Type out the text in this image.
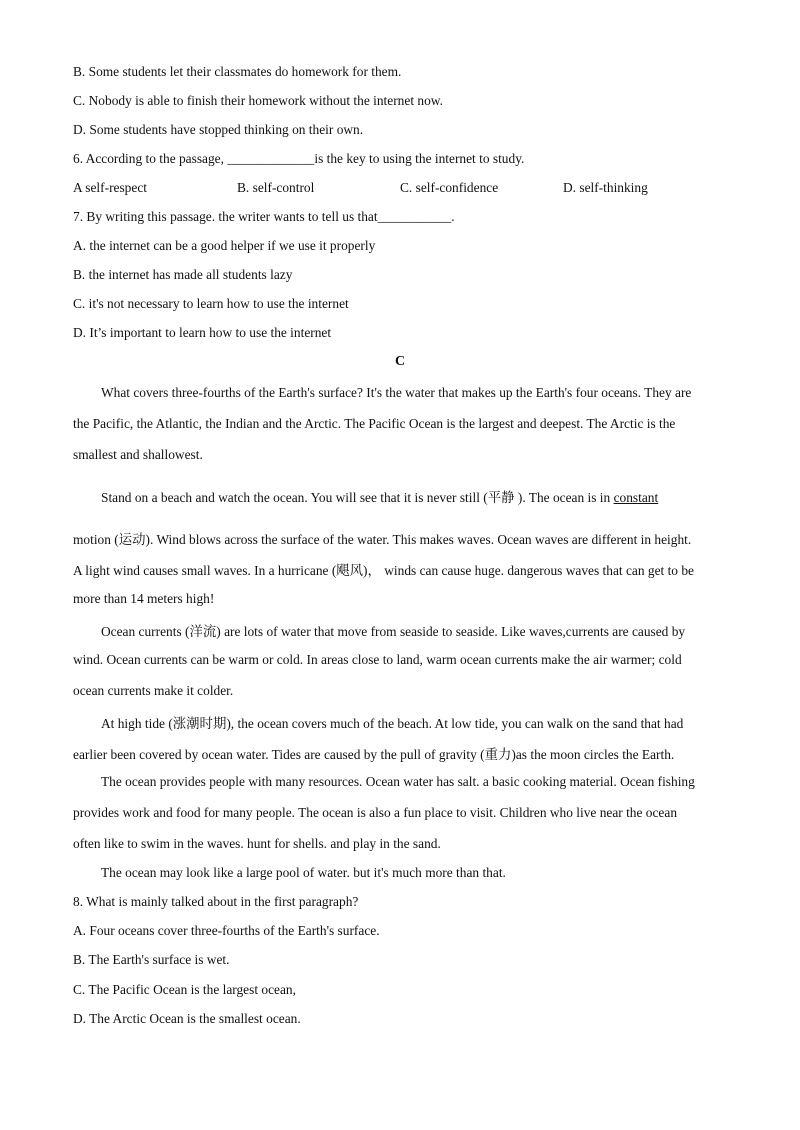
B. Some students let their classmates do homework for them.
C. Nobody is able to finish their homework without the internet now.
D. Some students have stopped thinking on their own.
6. According to the passage, _____________is the key to using the internet to study.
A self-respect	B. self-control	C. self-confidence	D. self-thinking
7. By writing this passage. the writer wants to tell us that___________.
A. the internet can be a good helper if we use it properly
B. the internet has made all students lazy
C. it's not necessary to learn how to use the internet
D. It’s important to learn how to use the internet
C
What covers three-fourths of the Earth's surface? It's the water that makes up the Earth's four oceans. They are
the Pacific, the Atlantic, the Indian and the Arctic. The Pacific Ocean is the largest and deepest. The Arctic is the
smallest and shallowest.
Stand on a beach and watch the ocean. You will see that it is never still (平静 ). The ocean is in constant
motion (运动). Wind blows across the surface of the water. This makes waves. Ocean waves are different in height.
A light wind causes small waves. In a hurricane (飓风)， winds can cause huge. dangerous waves that can get to be
more than 14 meters high!
Ocean currents (洋流) are lots of water that move from seaside to seaside. Like waves,currents are caused by
wind. Ocean currents can be warm or cold. In areas close to land, warm ocean currents make the air warmer; cold
ocean currents make it colder.
At high tide (涨潮时期), the ocean covers much of the beach. At low tide, you can walk on the sand that had
earlier been covered by ocean water. Tides are caused by the pull of gravity (重力)as the moon circles the Earth.
The ocean provides people with many resources. Ocean water has salt. a basic cooking material. Ocean fishing
provides work and food for many people. The ocean is also a fun place to visit. Children who live near the ocean
often like to swim in the waves. hunt for shells. and play in the sand.
The ocean may look like a large pool of water. but it's much more than that.
8. What is mainly talked about in the first paragraph?
A. Four oceans cover three-fourths of the Earth's surface.
B. The Earth's surface is wet.
C. The Pacific Ocean is the largest ocean,
D. The Arctic Ocean is the smallest ocean.
